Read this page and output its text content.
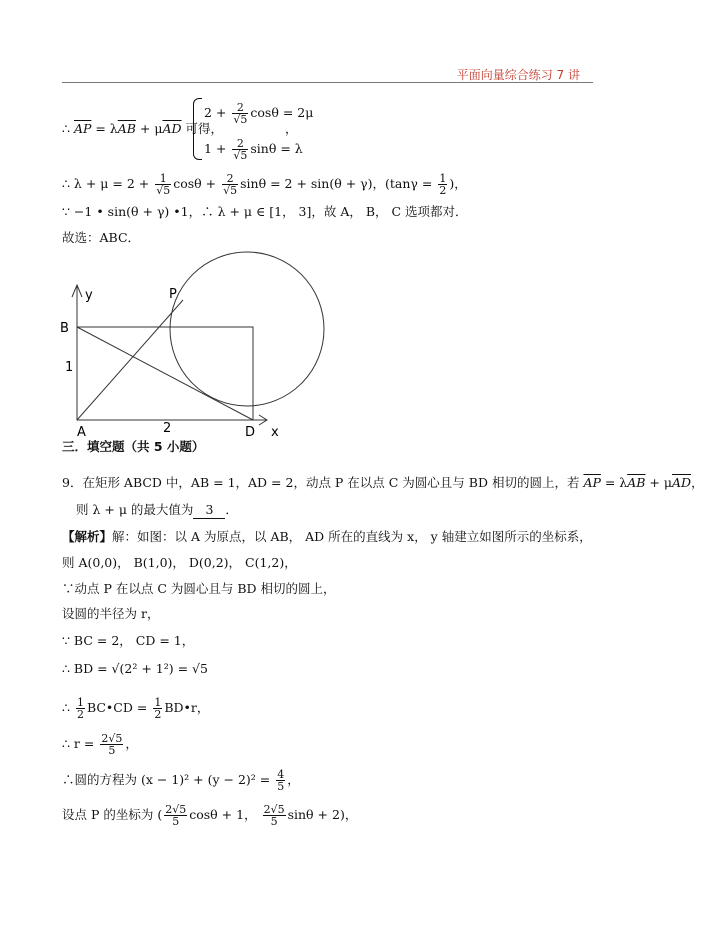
平面向量综合练习 7 讲
∴ $\overline{AP} = \lambda\overline{AB} + \mu\overline{AD}$ 可得，
$2 + \frac{2}{√5}$ cosθ = 2μ
$1 + \frac{2}{√5}$ sinθ = λ
，
∴ $\lambda + \mu = 2 + \frac{1}{√5}$ $\cos\theta + \frac{2}{√5}$ sinθ = 2 + sin(θ + γ)，($\tan\gamma = \frac{1}{2}$ )，
∵ −1 • sin(θ + γ) •1，∴ λ + μ ∈ [1， 3]，故 A， B， C 选项都对．
故选：ABC．
y
x
B
A	D
P
1
2
三．填空题（共 5 小题）
9．在矩形 ABCD 中，AB = 1，AD = 2，动点 P 在以点 C 为圆心且与 BD 相切的圆上，若 $\overline{AP} = \lambda\overline{AB} + \mu\overline{AD}$，
则 λ + μ 的最大值为 3 ．
【解析】解：如图：以 A 为原点，以 AB， AD 所在的直线为 x， y 轴建立如图所示的坐标系，
则 A(0,0)， B(1,0)， D(0,2)， C(1,2)，
∵动点 P 在以点 C 为圆心且与 BD 相切的圆上，
设圆的半径为 r，
∵ BC = 2， CD = 1，
∴ BD = √(2² + 1²) = √5
∴ $\frac{1}{2}$ BC•CD = $\frac{1}{2}$ BD•r，
∴ $r = \frac{2√5}{5}$ ，
∴圆的方程为 $(x - 1)^2 + (y - 2)^2 = \frac{4}{5}$ ，
设点 P 的坐标为 ( $\frac{2√5}{5}$ cosθ + 1， $\frac{2√5}{5}$ sinθ + 2)，
